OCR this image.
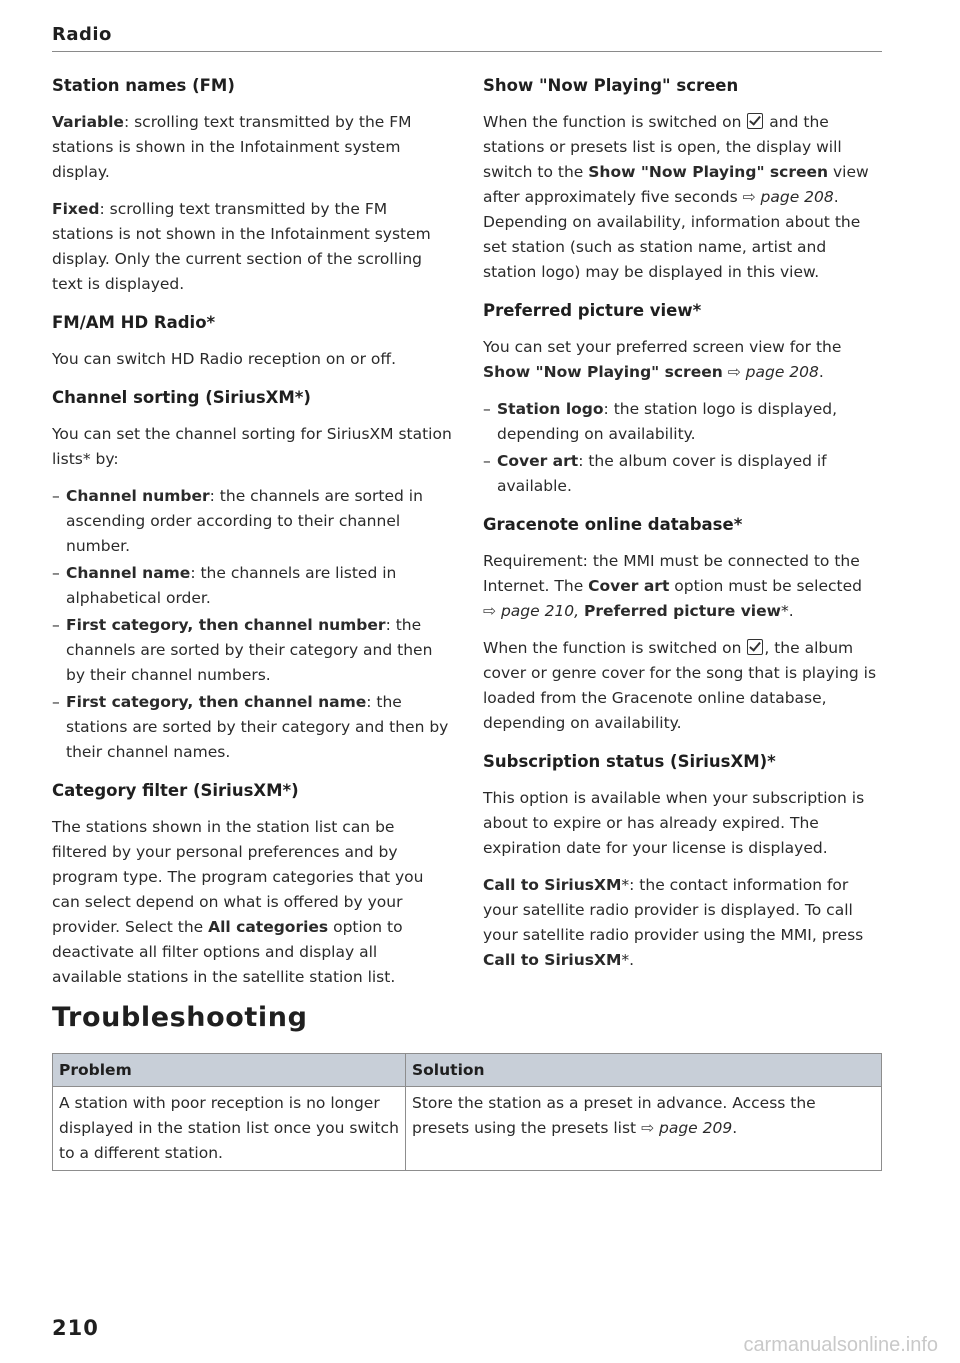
Radio
Station names (FM)

Variable: scrolling text transmitted by the FM stations is shown in the Infotainment system display.

Fixed: scrolling text transmitted by the FM stations is not shown in the Infotainment system display. Only the current section of the scrolling text is displayed.

FM/AM HD Radio*

You can switch HD Radio reception on or off.

Channel sorting (SiriusXM*)

You can set the channel sorting for SiriusXM station lists* by:

– Channel number: the channels are sorted in ascending order according to their channel number.
– Channel name: the channels are listed in alphabetical order.
– First category, then channel number: the channels are sorted by their category and then by their channel numbers.
– First category, then channel name: the stations are sorted by their category and then by their channel names.
Category filter (SiriusXM*)

The stations shown in the station list can be filtered by your personal preferences and by program type. The program categories that you can select depend on what is offered by your provider. Select the All categories option to deactivate all filter options and display all available stations in the satellite station list.

Show "Now Playing" screen

When the function is switched on  and the stations or presets list is open, the display will switch to the Show "Now Playing" screen view after approximately five seconds ⇨ page 208. Depending on availability, information about the set station (such as station name, artist and station logo) may be displayed in this view.

Preferred picture view*

You can set your preferred screen view for the Show "Now Playing" screen ⇨ page 208.

– Station logo: the station logo is displayed, depending on availability.
– Cover art: the album cover is displayed if available.
Gracenote online database*

Requirement: the MMI must be connected to the Internet. The Cover art option must be selected ⇨ page 210, Preferred picture view*.

When the function is switched on , the album cover or genre cover for the song that is playing is loaded from the Gracenote online database, depending on availability.

Subscription status (SiriusXM)*

This option is available when your subscription is about to expire or has already expired. The expiration date for your license is displayed.

Call to SiriusXM*: the contact information for your satellite radio provider is displayed. To call your satellite radio provider using the MMI, press Call to SiriusXM*.

Troubleshooting
Problem	Solution
A station with poor reception is no longer displayed in the station list once you switch to a different station.	Store the station as a preset in advance. Access the presets using the presets list ⇨ page 209.
210
carmanualsonline.info
